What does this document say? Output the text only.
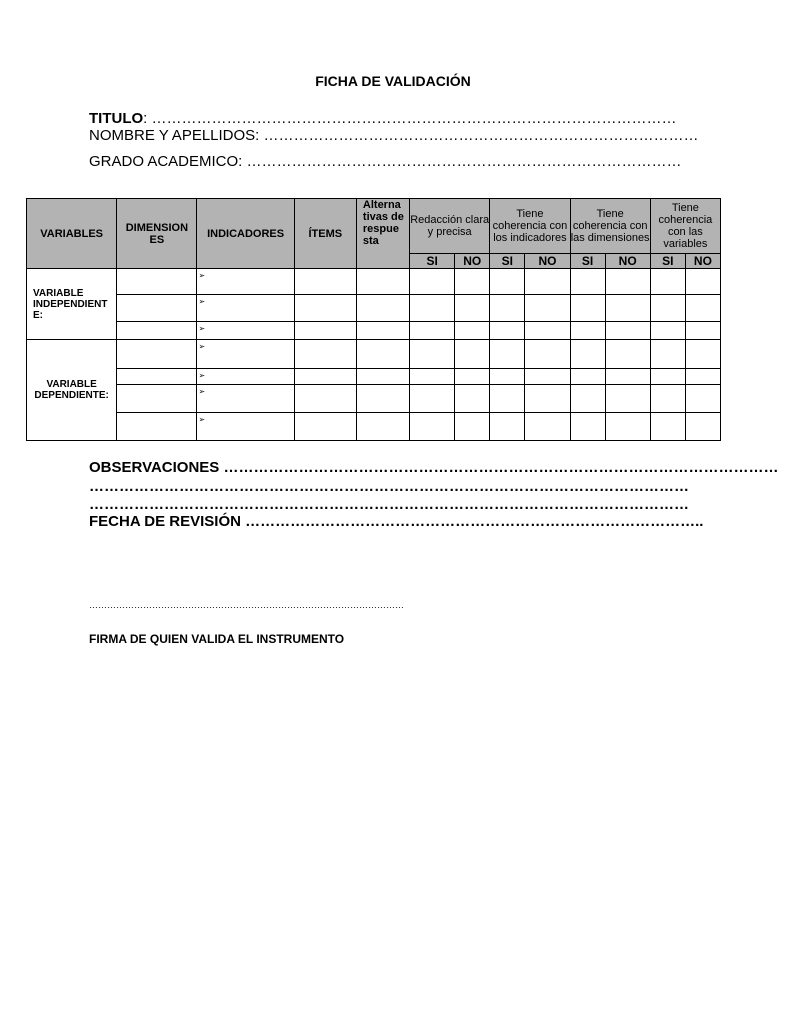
FICHA DE VALIDACIÓN
TITULO: ……………………………………………………………………………………………
NOMBRE Y APELLIDOS: ……………………………………………………………………………
GRADO ACADEMICO: ……………………………………………………………………………
VARIABLES	DIMENSION ES	INDICADORES	ÍTEMS	Alterna tivas de respue sta	Redacción clara y precisa		Tiene coherencia con los indicadores		Tiene coherencia con las dimensiones		Tiene coherencia con las variables	
					SI	NO	SI	NO	SI	NO	SI	NO
VARIABLE INDEPENDIENT E:		➢										
		➢										
		➢										
VARIABLE DEPENDIENTE:		➢										
		➢										
		➢										
		➢										
OBSERVACIONES …………………………………………………………………………………………………
…………………………………………………………………………………………………………
…………………………………………………………………………………………………………
FECHA DE REVISIÓN ………………………………………………………………………………..
……………………………………………………………………………………………
FIRMA DE QUIEN VALIDA EL INSTRUMENTO
